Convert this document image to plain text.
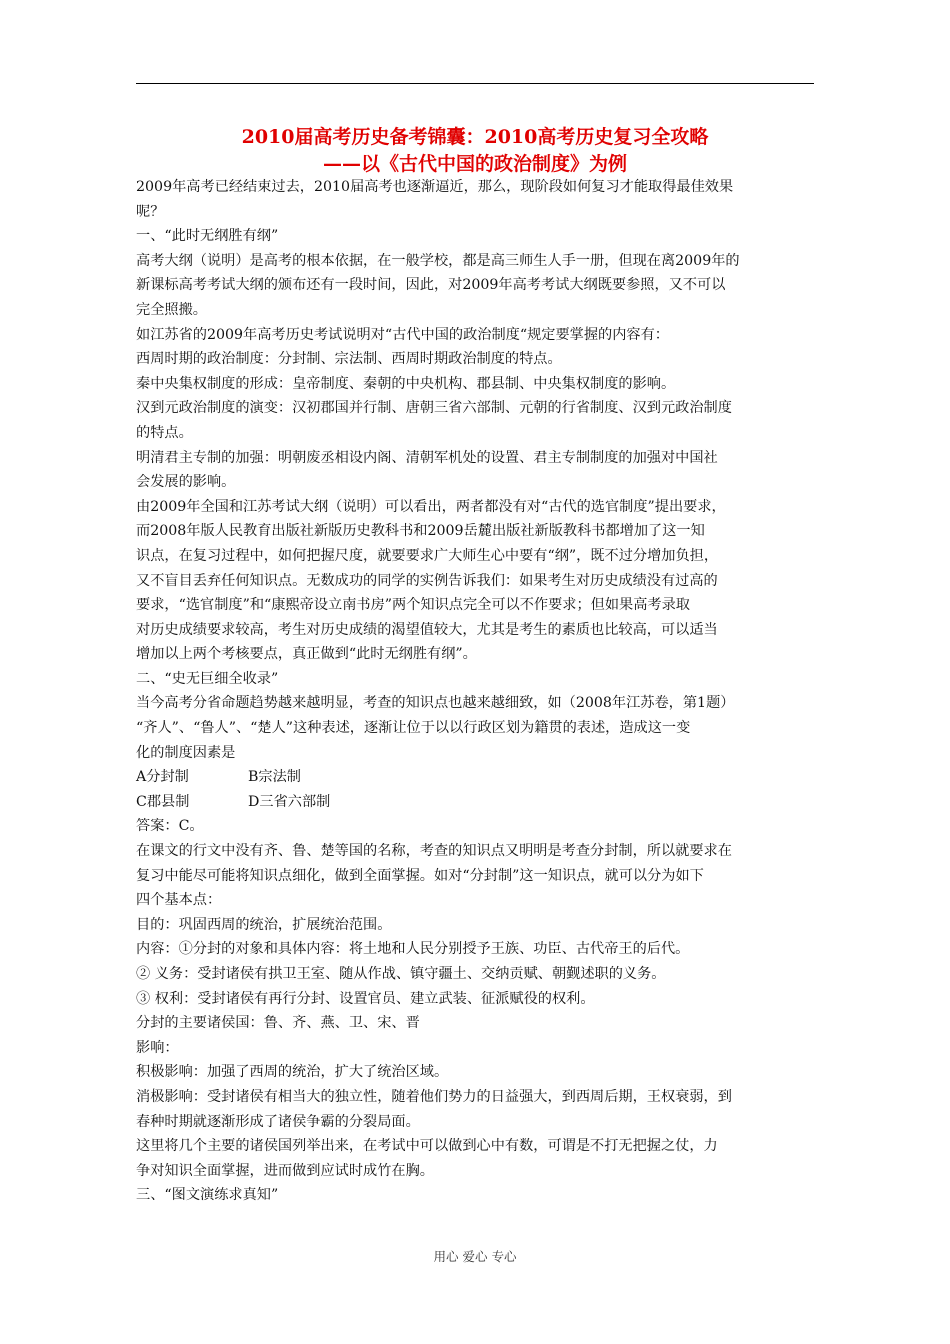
2010届高考历史备考锦囊：2010高考历史复习全攻略
——以《古代中国的政治制度》为例

2009年高考已经结束过去，2010届高考也逐渐逼近，那么，现阶段如何复习才能取得最佳效果

呢？

一、“此时无纲胜有纲”

高考大纲（说明）是高考的根本依据，在一般学校，都是高三师生人手一册，但现在离2009年的

新课标高考考试大纲的颁布还有一段时间，因此，对2009年高考考试大纲既要参照，又不可以

完全照搬。

如江苏省的2009年高考历史考试说明对“古代中国的政治制度“规定要掌握的内容有：

西周时期的政治制度：分封制、宗法制、西周时期政治制度的特点。

秦中央集权制度的形成：皇帝制度、秦朝的中央机构、郡县制、中央集权制度的影响。

汉到元政治制度的演变：汉初郡国并行制、唐朝三省六部制、元朝的行省制度、汉到元政治制度

的特点。

明清君主专制的加强：明朝废丞相设内阁、清朝军机处的设置、君主专制制度的加强对中国社

会发展的影响。

由2009年全国和江苏考试大纲（说明）可以看出，两者都没有对“古代的选官制度”提出要求，

而2008年版人民教育出版社新版历史教科书和2009岳麓出版社新版教科书都增加了这一知

识点，在复习过程中，如何把握尺度，就要要求广大师生心中要有“纲”，既不过分增加负担，

又不盲目丢弃任何知识点。无数成功的同学的实例告诉我们：如果考生对历史成绩没有过高的

要求，“选官制度”和“康熙帝设立南书房”两个知识点完全可以不作要求；但如果高考录取

对历史成绩要求较高，考生对历史成绩的渴望值较大，尤其是考生的素质也比较高，可以适当

增加以上两个考核要点，真正做到“此时无纲胜有纲”。

二、“史无巨细全收录”

当今高考分省命题趋势越来越明显，考查的知识点也越来越细致，如（2008年江苏卷，第1题）

“齐人”、“鲁人”、“楚人”这种表述，逐渐让位于以以行政区划为籍贯的表述，造成这一变

化的制度因素是

A分封制	B宗法制

C郡县制	D三省六部制

答案：C。

在课文的行文中没有齐、鲁、楚等国的名称，考查的知识点又明明是考查分封制，所以就要求在

复习中能尽可能将知识点细化，做到全面掌握。如对“分封制”这一知识点，就可以分为如下

四个基本点：

目的：巩固西周的统治，扩展统治范围。

内容：①分封的对象和具体内容：将土地和人民分别授予王族、功臣、古代帝王的后代。

② 义务：受封诸侯有拱卫王室、随从作战、镇守疆土、交纳贡赋、朝觐述职的义务。

③ 权利：受封诸侯有再行分封、设置官员、建立武装、征派赋役的权利。

分封的主要诸侯国：鲁、齐、燕、卫、宋、晋

影响：

积极影响：加强了西周的统治，扩大了统治区域。

消极影响：受封诸侯有相当大的独立性，随着他们势力的日益强大，到西周后期，王权衰弱，到

春种时期就逐渐形成了诸侯争霸的分裂局面。

这里将几个主要的诸侯国列举出来，在考试中可以做到心中有数，可谓是不打无把握之仗，力

争对知识全面掌握，进而做到应试时成竹在胸。

三、“图文演练求真知”

用心 爱心 专心
